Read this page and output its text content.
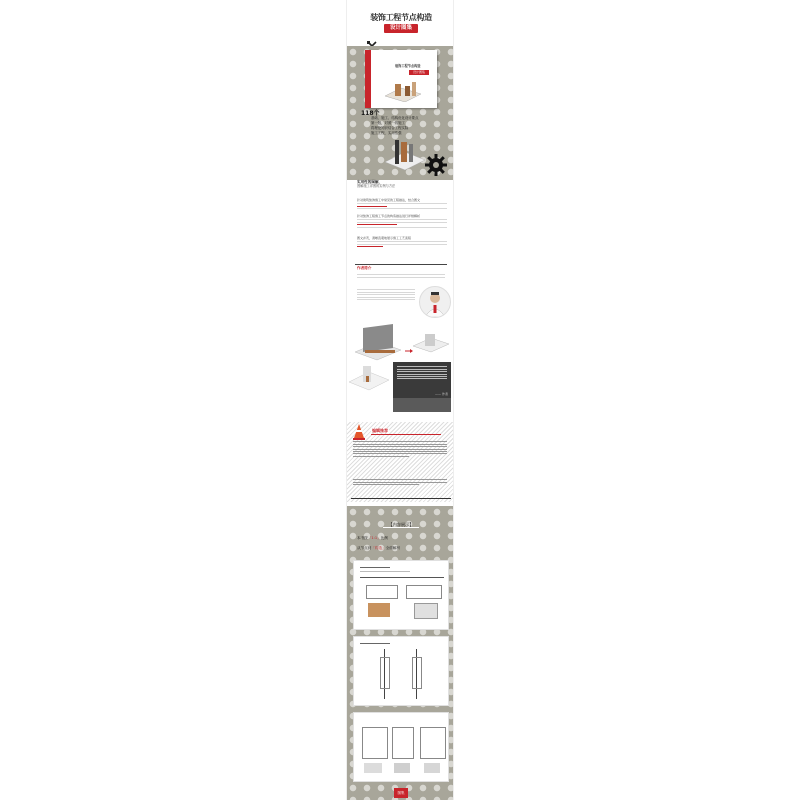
装饰工程节点构造
设计图集
装饰工程节点构造
设计图集
118个
基础、施工、结构优化设计要点
第一版，对照一线施工
将理论知识结合工程实际
施工工程，实用性强
实用性的图解，
图解施工详图的实例与方法
针对建筑装饰施工中常见的工程做法，结合图文
针对装饰工程施工节点的构造做法进行详细解析
图文并茂，清晰直观地展示施工工艺流程
作者简介
—— 作者
编辑推荐
【内容展示】
本书按「1:1」比例
从节点到「构造」全面解析
图集
